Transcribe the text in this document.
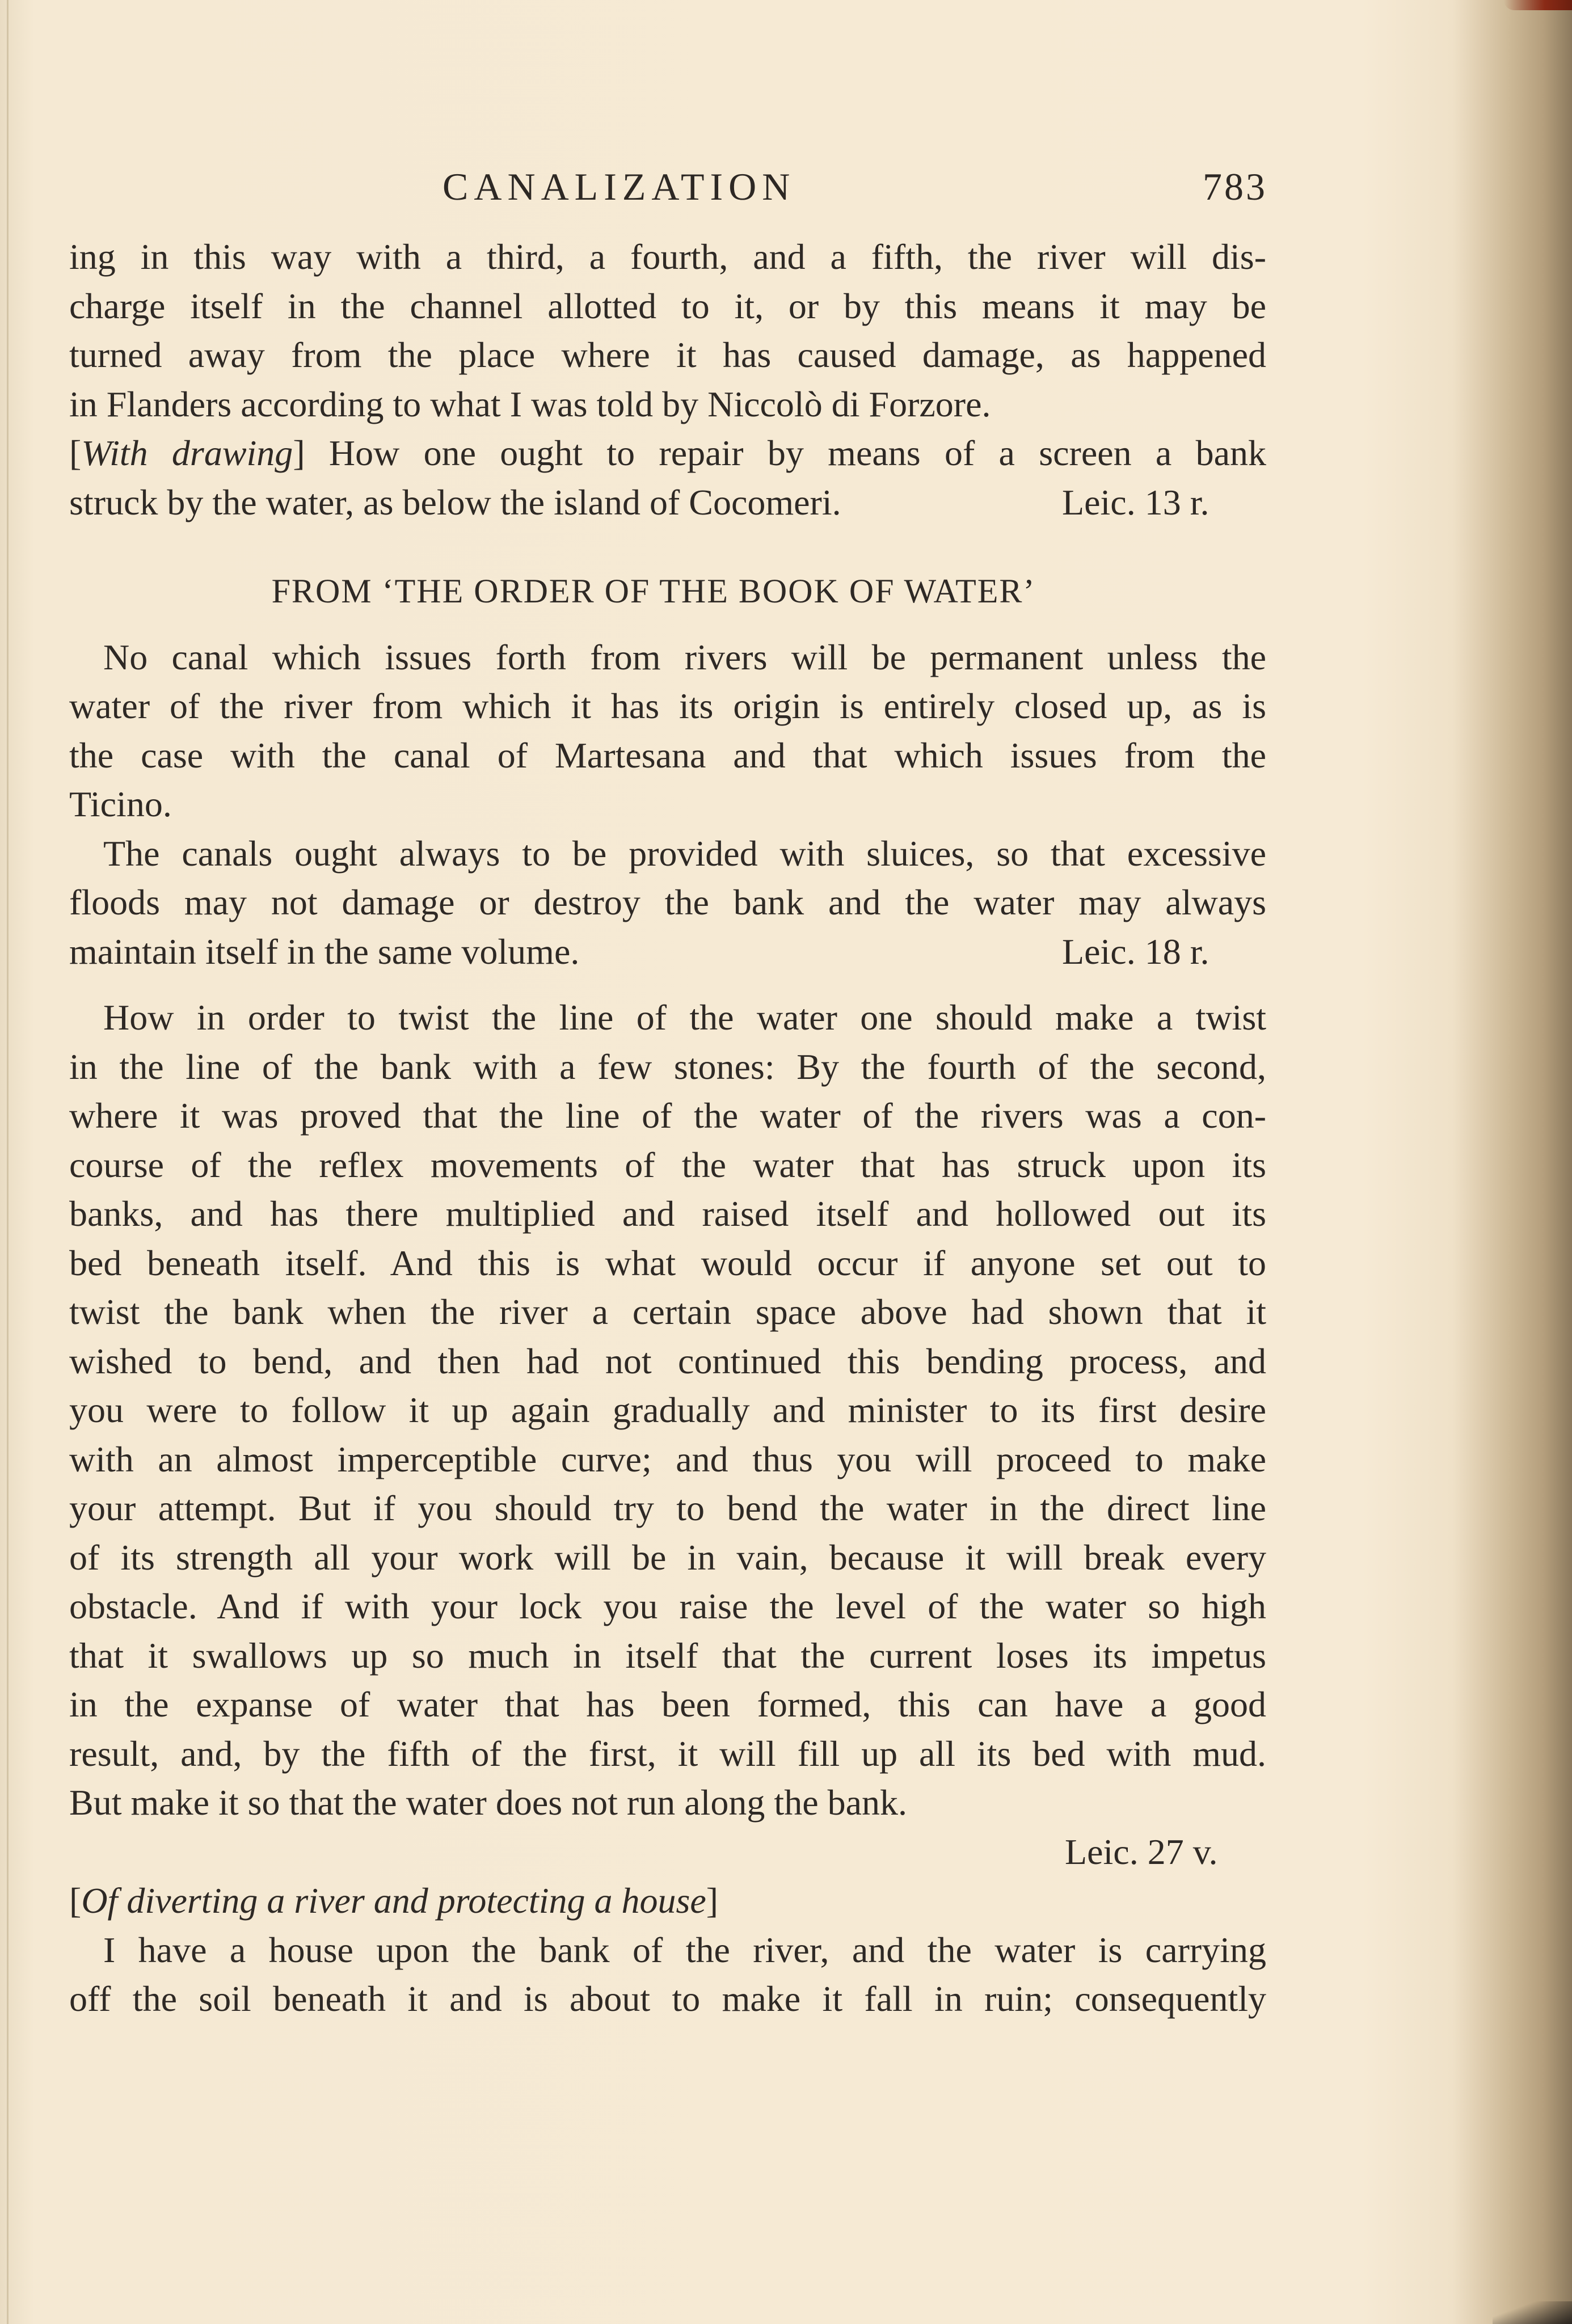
CANALIZATION	783
ing in this way with a third, a fourth, and a fifth, the river will dis-
charge itself in the channel allotted to it, or by this means it may be
turned away from the place where it has caused damage, as happened
in Flanders according to what I was told by Niccolò di Forzore.
[With drawing] How one ought to repair by means of a screen a bank
struck by the water, as below the island of Cocomeri.	Leic. 13 r.
FROM ‘THE ORDER OF THE BOOK OF WATER’
No canal which issues forth from rivers will be permanent unless the
water of the river from which it has its origin is entirely closed up, as is
the case with the canal of Martesana and that which issues from the
Ticino.
The canals ought always to be provided with sluices, so that excessive
floods may not damage or destroy the bank and the water may always
maintain itself in the same volume.	Leic. 18 r.
How in order to twist the line of the water one should make a twist
in the line of the bank with a few stones: By the fourth of the second,
where it was proved that the line of the water of the rivers was a con-
course of the reflex movements of the water that has struck upon its
banks, and has there multiplied and raised itself and hollowed out its
bed beneath itself. And this is what would occur if anyone set out to
twist the bank when the river a certain space above had shown that it
wished to bend, and then had not continued this bending process, and
you were to follow it up again gradually and minister to its first desire
with an almost imperceptible curve; and thus you will proceed to make
your attempt. But if you should try to bend the water in the direct line
of its strength all your work will be in vain, because it will break every
obstacle. And if with your lock you raise the level of the water so high
that it swallows up so much in itself that the current loses its impetus
in the expanse of water that has been formed, this can have a good
result, and, by the fifth of the first, it will fill up all its bed with mud.
But make it so that the water does not run along the bank.
Leic. 27 v.
[Of diverting a river and protecting a house]
I have a house upon the bank of the river, and the water is carrying
off the soil beneath it and is about to make it fall in ruin; consequently
